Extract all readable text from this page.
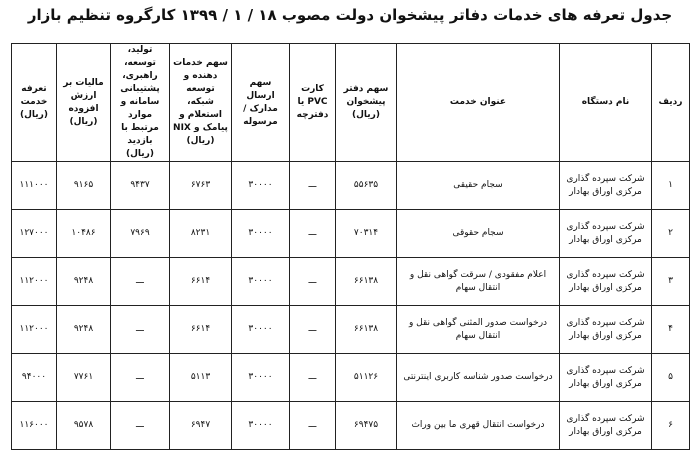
جدول تعرفه های خدمات دفاتر پیشخوان دولت مصوب ۱۸ / ۱ / ۱۳۹۹ کارگروه تنظیم بازار
ردیف	نام دستگاه	عنوان خدمت	سهم دفتر پیشخوان (ریال)	کارت PVC یا دفترچه	سهم ارسال مدارک /مرسوله	سهم خدمات دهنده و توسعه شبکه، استعلام و پیامک و NIX (ریال)	تولید، توسعه، راهبری، پشتیبانی سامانه و موارد مرتبط با بازدید (ریال)	مالیات بر ارزش افزوده (ریال)	تعرفه خدمت (ریال)
۱	شرکت سپرده گذاری مرکزی اوراق بهادار	سجام حقیقی	۵۵۶۳۵	ـــ	۳۰۰۰۰	۶۷۶۳	۹۴۳۷	۹۱۶۵	۱۱۱۰۰۰
۲	شرکت سپرده گذاری مرکزی اوراق بهادار	سجام حقوقی	۷۰۳۱۴	ـــ	۳۰۰۰۰	۸۲۳۱	۷۹۶۹	۱۰۴۸۶	۱۲۷۰۰۰
۳	شرکت سپرده گذاری مرکزی اوراق بهادار	اعلام مفقودی / سرقت گواهی نقل و انتقال سهام	۶۶۱۳۸	ـــ	۳۰۰۰۰	۶۶۱۴	ـــ	۹۲۴۸	۱۱۲۰۰۰
۴	شرکت سپرده گذاری مرکزی اوراق بهادار	درخواست صدور المثنی گواهی نقل و انتقال سهام	۶۶۱۳۸	ـــ	۳۰۰۰۰	۶۶۱۴	ـــ	۹۲۴۸	۱۱۲۰۰۰
۵	شرکت سپرده گذاری مرکزی اوراق بهادار	درخواست صدور شناسه کاربری اینترنتی	۵۱۱۲۶	ـــ	۳۰۰۰۰	۵۱۱۳	ـــ	۷۷۶۱	۹۴۰۰۰
۶	شرکت سپرده گذاری مرکزی اوراق بهادار	درخواست انتقال قهری ما بین وراث	۶۹۴۷۵	ـــ	۳۰۰۰۰	۶۹۴۷	ـــ	۹۵۷۸	۱۱۶۰۰۰
